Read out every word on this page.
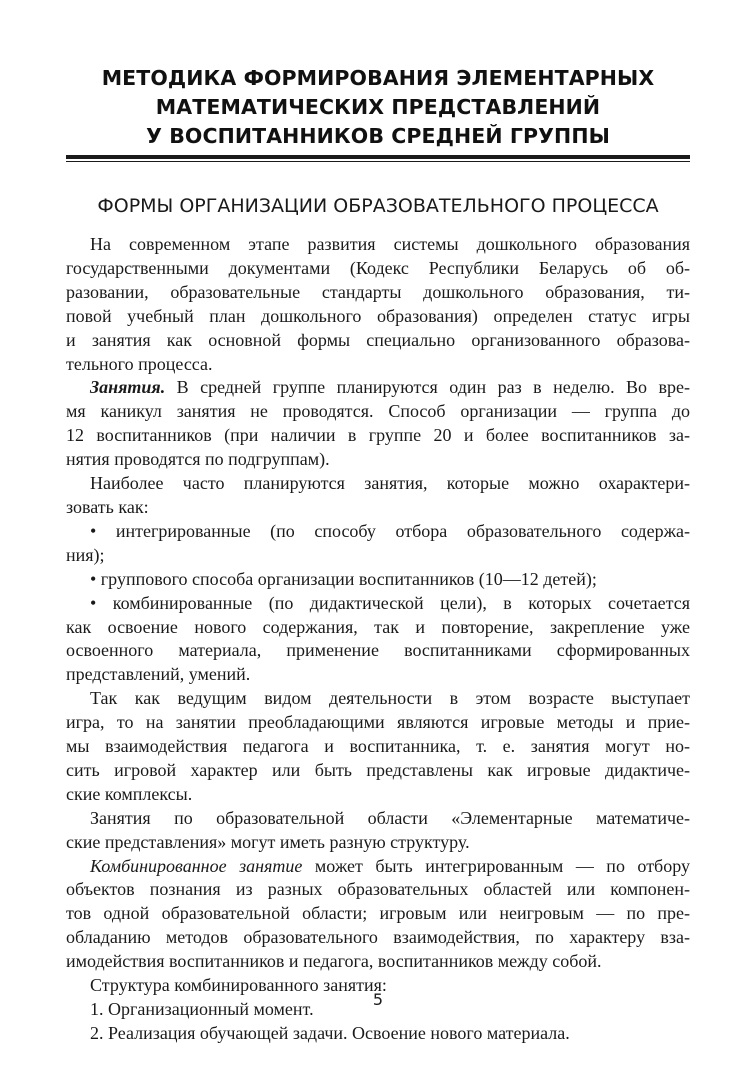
МЕТОДИКА ФОРМИРОВАНИЯ ЭЛЕМЕНТАРНЫХ
МАТЕМАТИЧЕСКИХ ПРЕДСТАВЛЕНИЙ
У ВОСПИТАННИКОВ СРЕДНЕЙ ГРУППЫ
ФОРМЫ ОРГАНИЗАЦИИ ОБРАЗОВАТЕЛЬНОГО ПРОЦЕССА

На современном этапе развития системы дошкольного образования
государственными документами (Кодекс Республики Беларусь об об-
разовании, образовательные стандарты дошкольного образования, ти-
повой учебный план дошкольного образования) определен статус игры
и занятия как основной формы специально организованного образова-
тельного процесса.

Занятия. В средней группе планируются один раз в неделю. Во вре-
мя каникул занятия не проводятся. Способ организации — группа до
12 воспитанников (при наличии в группе 20 и более воспитанников за-
нятия проводятся по подгруппам).

Наиболее часто планируются занятия, которые можно охарактери-
зовать как:

• интегрированные (по способу отбора образовательного содержа-
ния);

• группового способа организации воспитанников (10—12 детей);

• комбинированные (по дидактической цели), в которых сочетается
как освоение нового содержания, так и повторение, закрепление уже
освоенного материала, применение воспитанниками сформированных
представлений, умений.

Так как ведущим видом деятельности в этом возрасте выступает
игра, то на занятии преобладающими являются игровые методы и прие-
мы взаимодействия педагога и воспитанника, т. е. занятия могут но-
сить игровой характер или быть представлены как игровые дидактиче-
ские комплексы.

Занятия по образовательной области «Элементарные математиче-
ские представления» могут иметь разную структуру.

Комбинированное занятие может быть интегрированным — по отбору
объектов познания из разных образовательных областей или компонен-
тов одной образовательной области; игровым или неигровым — по пре-
обладанию методов образовательного взаимодействия, по характеру вза-
имодействия воспитанников и педагога, воспитанников между собой.

Структура комбинированного занятия:

1. Организационный момент.

2. Реализация обучающей задачи. Освоение нового материала.

5
